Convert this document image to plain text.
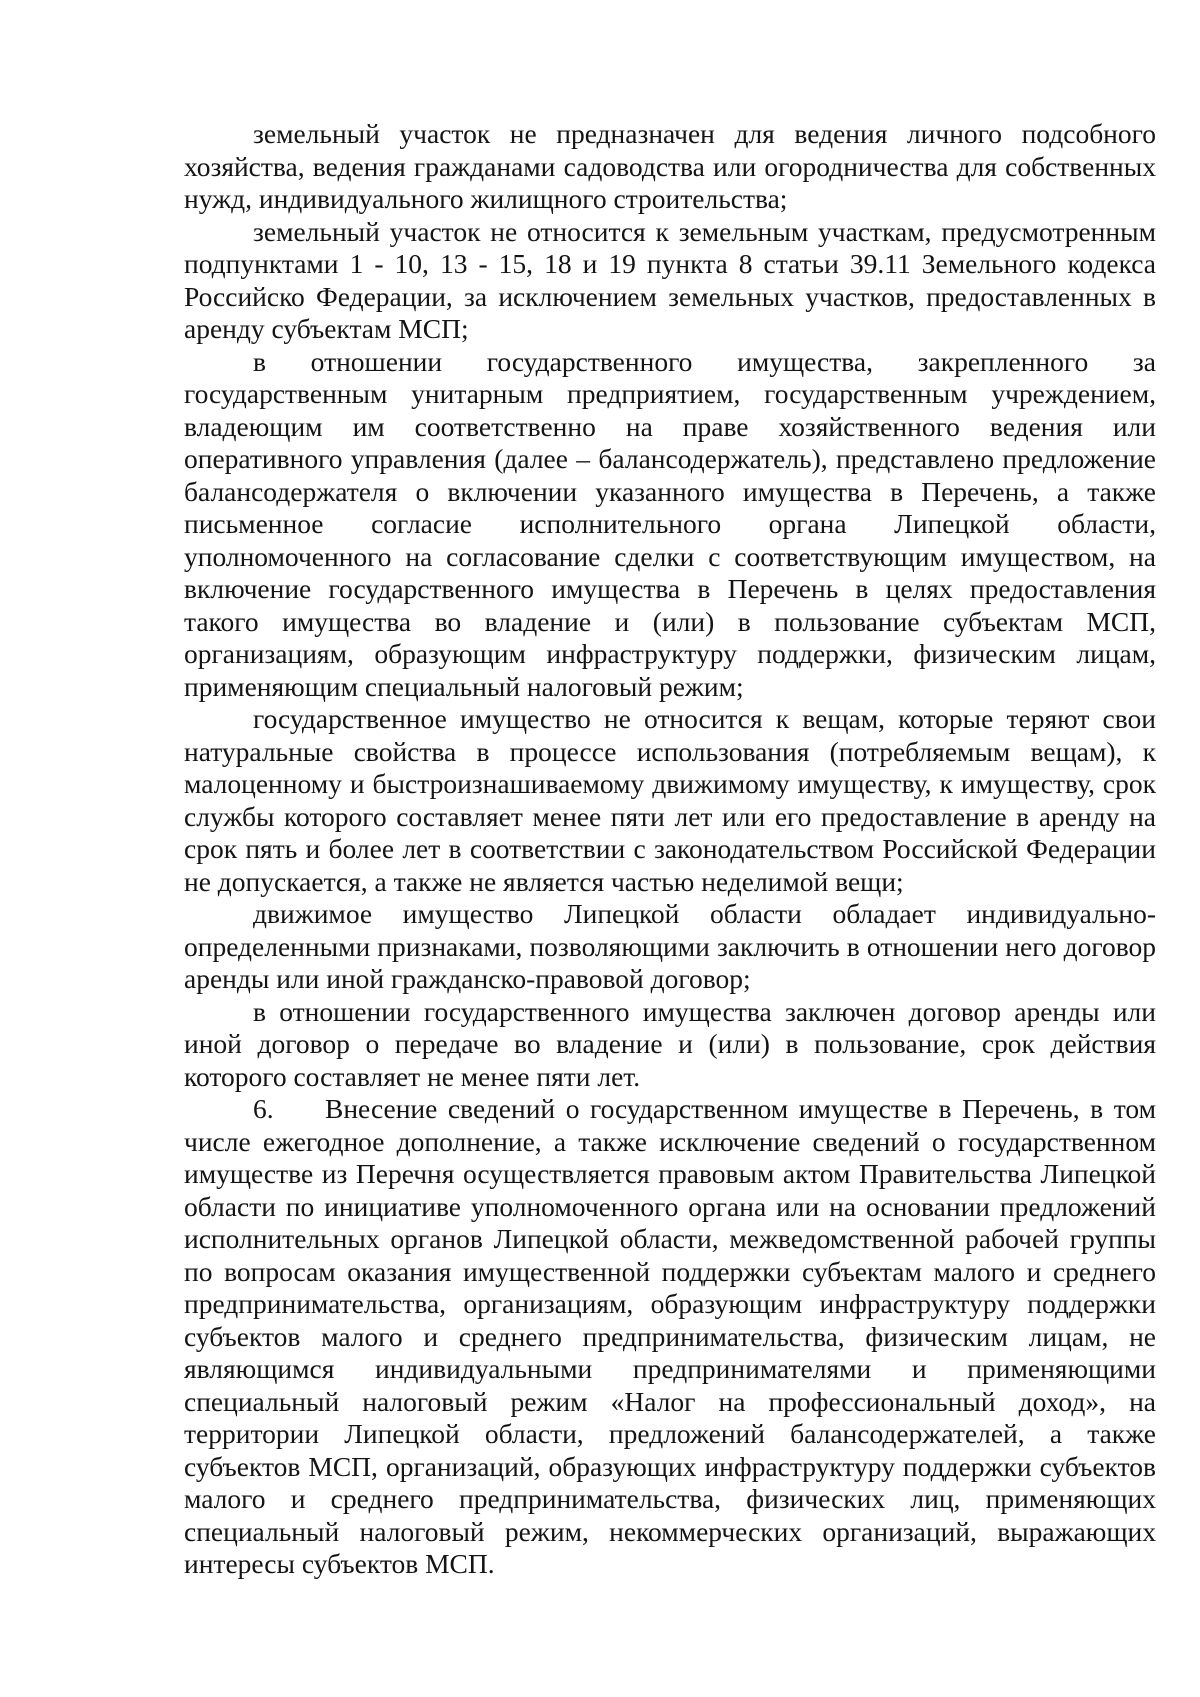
земельный участок не предназначен для ведения личного подсобного хозяйства, ведения гражданами садоводства или огородничества для собственных нужд, индивидуального жилищного строительства;

земельный участок не относится к земельным участкам, предусмотренным подпунктами 1 - 10, 13 - 15, 18 и 19 пункта 8 статьи 39.11 Земельного кодекса Российско Федерации, за исключением земельных участков, предоставленных в аренду субъектам МСП;

в отношении государственного имущества, закрепленного за государственным унитарным предприятием, государственным учреждением, владеющим им соответственно на праве хозяйственного ведения или оперативного управления (далее – балансодержатель), представлено предложение балансодержателя о включении указанного имущества в Перечень, а также письменное согласие исполнительного органа Липецкой области, уполномоченного на согласование сделки с соответствующим имуществом, на включение государственного имущества в Перечень в целях предоставления такого имущества во владение и (или) в пользование субъектам МСП, организациям, образующим инфраструктуру поддержки, физическим лицам, применяющим специальный налоговый режим;

государственное имущество не относится к вещам, которые теряют свои натуральные свойства в процессе использования (потребляемым вещам), к малоценному и быстроизнашиваемому движимому имуществу, к имуществу, срок службы которого составляет менее пяти лет или его предоставление в аренду на срок пять и более лет в соответствии с законодательством Российской Федерации не допускается, а также не является частью неделимой вещи;

движимое имущество Липецкой области обладает индивидуально-определенными признаками, позволяющими заключить в отношении него договор аренды или иной гражданско-правовой договор;

в отношении государственного имущества заключен договор аренды или иной договор о передаче во владение и (или) в пользование, срок действия которого составляет не менее пяти лет.

6. Внесение сведений о государственном имуществе в Перечень, в том числе ежегодное дополнение, а также исключение сведений о государственном имуществе из Перечня осуществляется правовым актом Правительства Липецкой области по инициативе уполномоченного органа или на основании предложений исполнительных органов Липецкой области, межведомственной рабочей группы по вопросам оказания имущественной поддержки субъектам малого и среднего предпринимательства, организациям, образующим инфраструктуру поддержки субъектов малого и среднего предпринимательства, физическим лицам, не являющимся индивидуальными предпринимателями и применяющими специальный налоговый режим «Налог на профессиональный доход», на территории Липецкой области, предложений балансодержателей, а также субъектов МСП, организаций, образующих инфраструктуру поддержки субъектов малого и среднего предпринимательства, физических лиц, применяющих специальный налоговый режим, некоммерческих организаций, выражающих интересы субъектов МСП.
